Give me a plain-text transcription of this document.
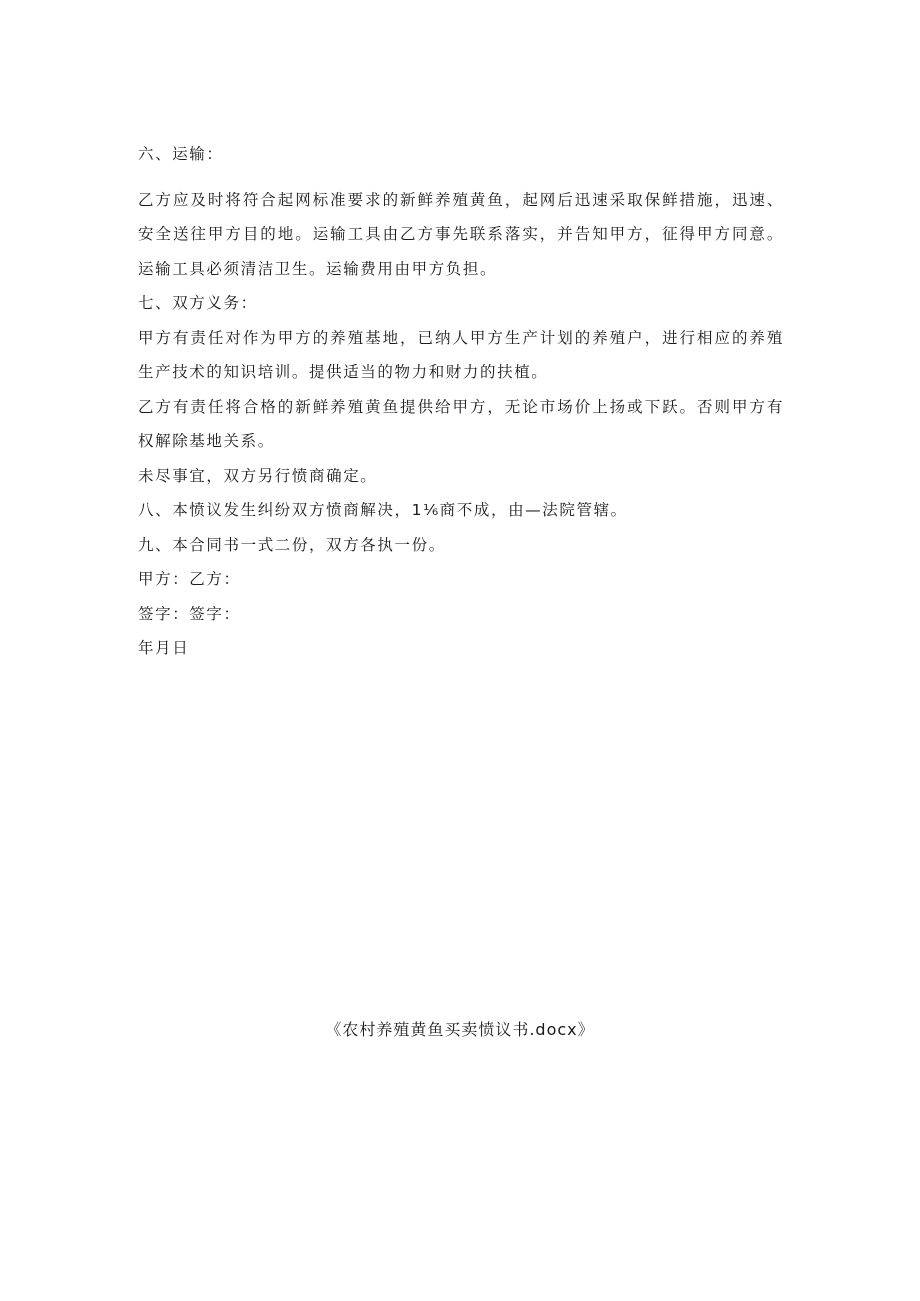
六、运输：

乙方应及时将符合起网标准要求的新鲜养殖黄鱼，起网后迅速采取保鲜措施，迅速、安全送往甲方目的地。运输工具由乙方事先联系落实，并告知甲方，征得甲方同意。运输工具必须清洁卫生。运输费用由甲方负担。

七、双方义务：

甲方有责任对作为甲方的养殖基地，已纳人甲方生产计划的养殖户，进行相应的养殖生产技术的知识培训。提供适当的物力和财力的扶植。

乙方有责任将合格的新鲜养殖黄鱼提供给甲方，无论市场价上扬或下跃。否则甲方有权解除基地关系。

未尽事宜，双方另行愤商确定。

八、本愤议发生纠纷双方愤商解决，1⅙商不成，由—法院管辖。

九、本合同书一式二份，双方各执一份。

甲方：乙方：

签字：签字：

年月日

《农村养殖黄鱼买卖愤议书.docx》
